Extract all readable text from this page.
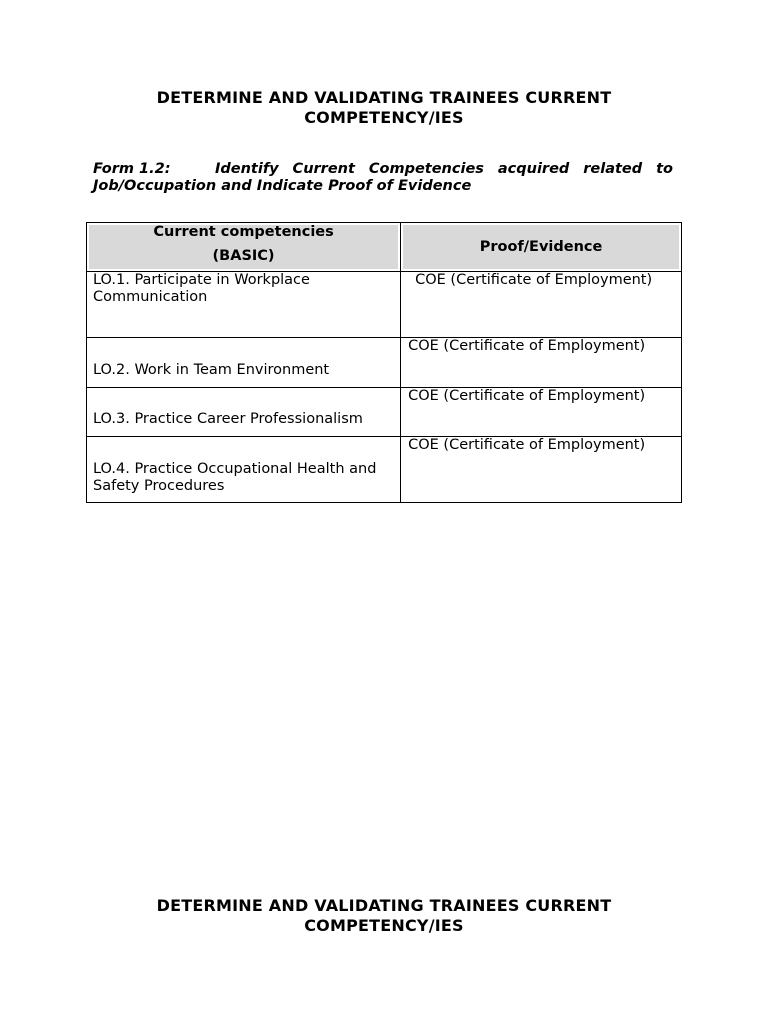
DETERMINE AND VALIDATING TRAINEES CURRENT
COMPETENCY/IES
Form 1.2:	Identify Current Competencies acquired related to
Job/Occupation and Indicate Proof of Evidence
Current competencies
(BASIC)	Proof/Evidence

LO.1. Participate in Workplace Communication	COE (Certificate of Employment)

LO.2. Work in Team Environment	COE (Certificate of Employment)

LO.3. Practice Career Professionalism	COE (Certificate of Employment)

LO.4. Practice Occupational Health and Safety Procedures	COE (Certificate of Employment)
DETERMINE AND VALIDATING TRAINEES CURRENT
COMPETENCY/IES
